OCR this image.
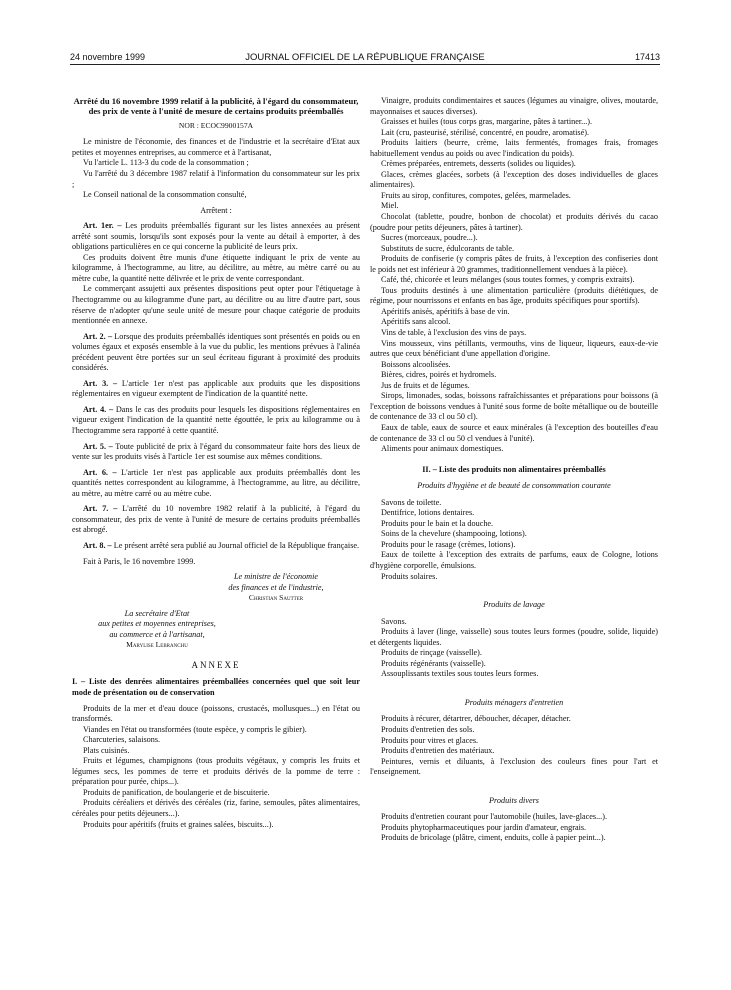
24 novembre 1999	JOURNAL OFFICIEL DE LA RÉPUBLIQUE FRANÇAISE	17413

Arrêté du 16 novembre 1999 relatif à la publicité, à l'égard du consommateur, des prix de vente à l'unité de mesure de certains produits préemballés

NOR : ECOC9900157A

Le ministre de l'économie, des finances et de l'industrie et la secrétaire d'Etat aux petites et moyennes entreprises, au commerce et à l'artisanat,

Vu l'article L. 113-3 du code de la consommation ;

Vu l'arrêté du 3 décembre 1987 relatif à l'information du consommateur sur les prix ;

Le Conseil national de la consommation consulté,

Arrêtent :

Art. 1er. – Les produits préemballés figurant sur les listes annexées au présent arrêté sont soumis, lorsqu'ils sont exposés pour la vente au détail à emporter, à des obligations particulières en ce qui concerne la publicité de leurs prix.

Ces produits doivent être munis d'une étiquette indiquant le prix de vente au kilogramme, à l'hectogramme, au litre, au décilitre, au mètre, au mètre carré ou au mètre cube, la quantité nette délivrée et le prix de vente correspondant.

Le commerçant assujetti aux présentes dispositions peut opter pour l'étiquetage à l'hectogramme ou au kilogramme d'une part, au décilitre ou au litre d'autre part, sous réserve de n'adopter qu'une seule unité de mesure pour chaque catégorie de produits mentionnée en annexe.

Art. 2. – Lorsque des produits préemballés identiques sont présentés en poids ou en volumes égaux et exposés ensemble à la vue du public, les mentions prévues à l'alinéa précédent peuvent être portées sur un seul écriteau figurant à proximité des produits considérés.

Art. 3. – L'article 1er n'est pas applicable aux produits que les dispositions réglementaires en vigueur exemptent de l'indication de la quantité nette.

Art. 4. – Dans le cas des produits pour lesquels les dispositions réglementaires en vigueur exigent l'indication de la quantité nette égouttée, le prix au kilogramme ou à l'hectogramme sera rapporté à cette quantité.

Art. 5. – Toute publicité de prix à l'égard du consommateur faite hors des lieux de vente sur les produits visés à l'article 1er est soumise aux mêmes conditions.

Art. 6. – L'article 1er n'est pas applicable aux produits préemballés dont les quantités nettes correspondent au kilogramme, à l'hectogramme, au litre, au décilitre, au mètre, au mètre carré ou au mètre cube.

Art. 7. – L'arrêté du 10 novembre 1982 relatif à la publicité, à l'égard du consommateur, des prix de vente à l'unité de mesure de certains produits préemballés est abrogé.

Art. 8. – Le présent arrêté sera publié au Journal officiel de la République française.

Fait à Paris, le 16 novembre 1999.

Le ministre de l'économie

des finances et de l'industrie,

Christian Sautter

La secrétaire d'Etat

aux petites et moyennes entreprises,

au commerce et à l'artisanat,

Marylise Lebranchu

ANNEXE

I. – Liste des denrées alimentaires préemballées concernées quel que soit leur mode de présentation ou de conservation

Produits de la mer et d'eau douce (poissons, crustacés, mollusques...) en l'état ou transformés.

Viandes en l'état ou transformées (toute espèce, y compris le gibier).

Charcuteries, salaisons.

Plats cuisinés.

Fruits et légumes, champignons (tous produits végétaux, y compris les fruits et légumes secs, les pommes de terre et produits dérivés de la pomme de terre : préparation pour purée, chips...).

Produits de panification, de boulangerie et de biscuiterie.

Produits céréaliers et dérivés des céréales (riz, farine, semoules, pâtes alimentaires, céréales pour petits déjeuners...).

Produits pour apéritifs (fruits et graines salées, biscuits...).

Vinaigre, produits condimentaires et sauces (légumes au vinaigre, olives, moutarde, mayonnaises et sauces diverses).

Graisses et huiles (tous corps gras, margarine, pâtes à tartiner...).

Lait (cru, pasteurisé, stérilisé, concentré, en poudre, aromatisé).

Produits laitiers (beurre, crème, laits fermentés, fromages frais, fromages habituellement vendus au poids ou avec l'indication du poids).

Crèmes préparées, entremets, desserts (solides ou liquides).

Glaces, crèmes glacées, sorbets (à l'exception des doses individuelles de glaces alimentaires).

Fruits au sirop, confitures, compotes, gelées, marmelades.

Miel.

Chocolat (tablette, poudre, bonbon de chocolat) et produits dérivés du cacao (poudre pour petits déjeuners, pâtes à tartiner).

Sucres (morceaux, poudre...).

Substituts de sucre, édulcorants de table.

Produits de confiserie (y compris pâtes de fruits, à l'exception des confiseries dont le poids net est inférieur à 20 grammes, traditionnellement vendues à la pièce).

Café, thé, chicorée et leurs mélanges (sous toutes formes, y compris extraits).

Tous produits destinés à une alimentation particulière (produits diététiques, de régime, pour nourrissons et enfants en bas âge, produits spécifiques pour sportifs).

Apéritifs anisés, apéritifs à base de vin.

Apéritifs sans alcool.

Vins de table, à l'exclusion des vins de pays.

Vins mousseux, vins pétillants, vermouths, vins de liqueur, liqueurs, eaux-de-vie autres que ceux bénéficiant d'une appellation d'origine.

Boissons alcoolisées.

Bières, cidres, poirés et hydromels.

Jus de fruits et de légumes.

Sirops, limonades, sodas, boissons rafraîchissantes et préparations pour boissons (à l'exception de boissons vendues à l'unité sous forme de boîte métallique ou de bouteille de contenance de 33 cl ou 50 cl).

Eaux de table, eaux de source et eaux minérales (à l'exception des bouteilles d'eau de contenance de 33 cl ou 50 cl vendues à l'unité).

Aliments pour animaux domestiques.

II. – Liste des produits non alimentaires préemballés

Produits d'hygiène et de beauté de consommation courante

Savons de toilette.

Dentifrice, lotions dentaires.

Produits pour le bain et la douche.

Soins de la chevelure (shampooing, lotions).

Produits pour le rasage (crèmes, lotions).

Eaux de toilette à l'exception des extraits de parfums, eaux de Cologne, lotions d'hygiène corporelle, émulsions.

Produits solaires.

Produits de lavage

Savons.

Produits à laver (linge, vaisselle) sous toutes leurs formes (poudre, solide, liquide) et détergents liquides.

Produits de rinçage (vaisselle).

Produits régénérants (vaisselle).

Assouplissants textiles sous toutes leurs formes.

Produits ménagers d'entretien

Produits à récurer, détartrer, déboucher, décaper, détacher.

Produits d'entretien des sols.

Produits pour vitres et glaces.

Produits d'entretien des matériaux.

Peintures, vernis et diluants, à l'exclusion des couleurs fines pour l'art et l'enseignement.

Produits divers

Produits d'entretien courant pour l'automobile (huiles, lave-glaces...).

Produits phytopharmaceutiques pour jardin d'amateur, engrais.

Produits de bricolage (plâtre, ciment, enduits, colle à papier peint...).
